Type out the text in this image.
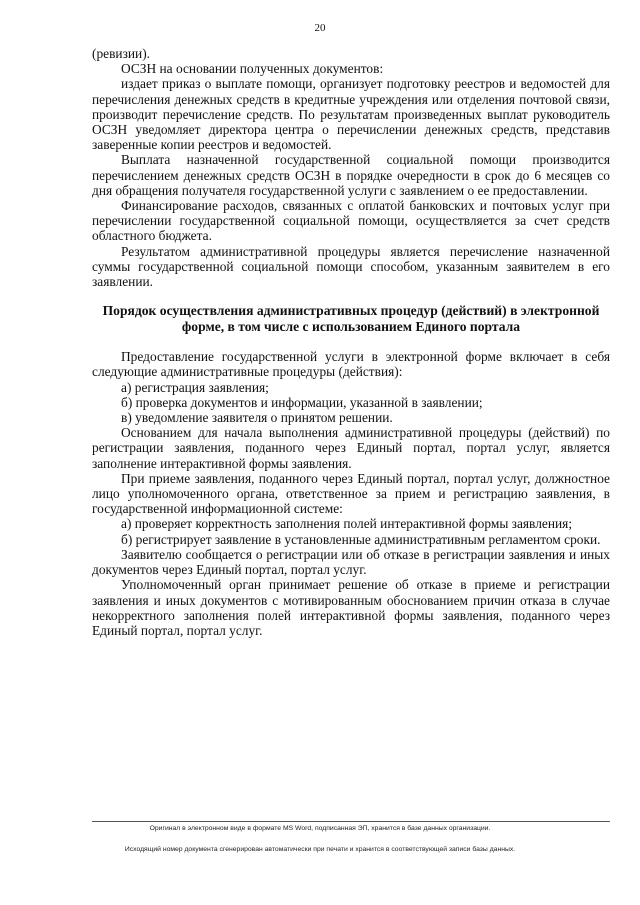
20

(ревизии).

ОСЗН на основании полученных документов:

издает приказ о выплате помощи, организует подготовку реестров и ведомостей для перечисления денежных средств в кредитные учреждения или отделения почтовой связи, производит перечисление средств. По результатам произведенных выплат руководитель ОСЗН уведомляет директора центра о перечислении денежных средств, представив заверенные копии реестров и ведомостей.

Выплата назначенной государственной социальной помощи производится перечислением денежных средств ОСЗН в порядке очередности в срок до 6 месяцев со дня обращения получателя государственной услуги с заявлением о ее предоставлении.

Финансирование расходов, связанных с оплатой банковских и почтовых услуг при перечислении государственной социальной помощи, осуществляется за счет средств областного бюджета.

Результатом административной процедуры является перечисление назначенной суммы государственной социальной помощи способом, указанным заявителем в его заявлении.

Порядок осуществления административных процедур (действий) в электронной форме, в том числе с использованием Единого портала

Предоставление государственной услуги в электронной форме включает в себя следующие административные процедуры (действия):

а) регистрация заявления;

б) проверка документов и информации, указанной в заявлении;

в) уведомление заявителя о принятом решении.

Основанием для начала выполнения административной процедуры (действий) по регистрации заявления, поданного через Единый портал, портал услуг, является заполнение интерактивной формы заявления.

При приеме заявления, поданного через Единый портал, портал услуг, должностное лицо уполномоченного органа, ответственное за прием и регистрацию заявления, в государственной информационной системе:

а) проверяет корректность заполнения полей интерактивной формы заявления;

б) регистрирует заявление в установленные административным регламентом сроки.

Заявителю сообщается о регистрации или об отказе в регистрации заявления и иных документов через Единый портал, портал услуг.

Уполномоченный орган принимает решение об отказе в приеме и регистрации заявления и иных документов с мотивированным обоснованием причин отказа в случае некорректного заполнения полей интерактивной формы заявления, поданного через Единый портал, портал услуг.

Оригинал в электронном виде в формате MS Word, подписанная ЭП, хранится в базе данных организации.
Исходящий номер документа сгенерирован автоматически при печати и хранится в соответствующей записи базы данных.
